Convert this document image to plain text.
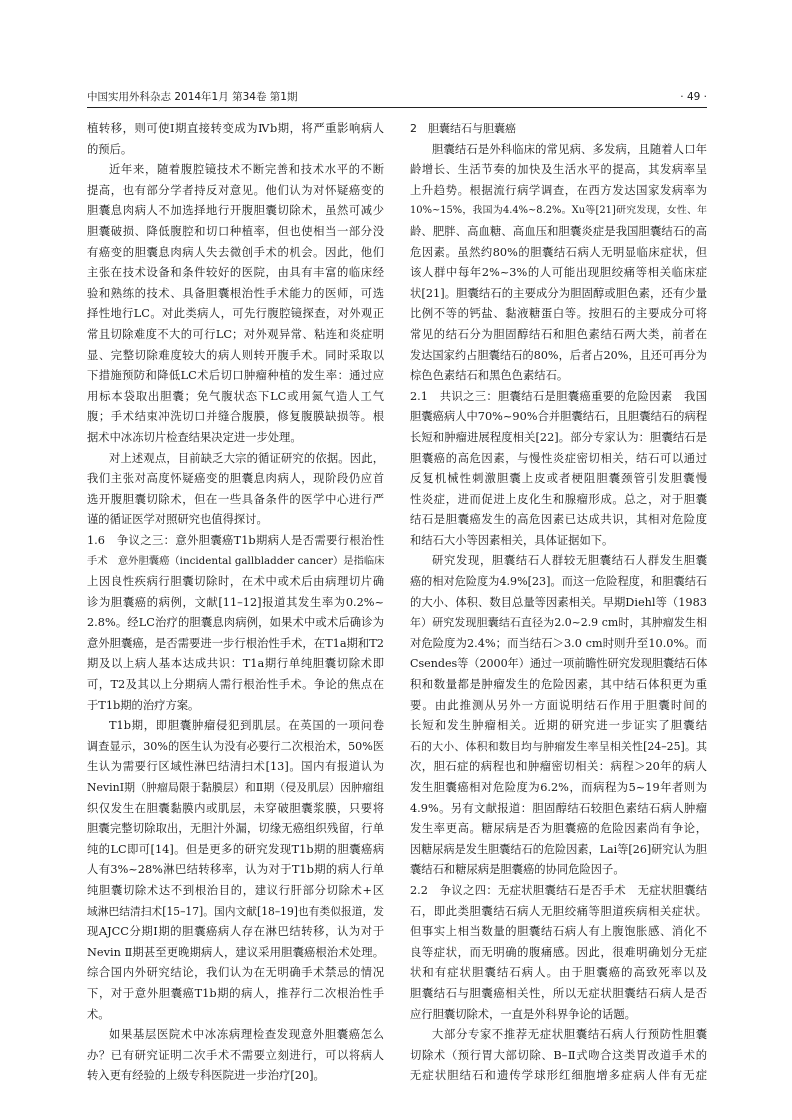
中国实用外科杂志 2014年1月 第34卷 第1期	· 49 ·
植转移，则可使Ⅰ期直接转变成为Ⅳb期，将严重影响病人
的预后。
近年来，随着腹腔镜技术不断完善和技术水平的不断
提高，也有部分学者持反对意见。他们认为对怀疑癌变的
胆囊息肉病人不加选择地行开腹胆囊切除术，虽然可减少
胆囊破损、降低腹腔和切口种植率，但也使相当一部分没
有癌变的胆囊息肉病人失去微创手术的机会。因此，他们
主张在技术设备和条件较好的医院，由具有丰富的临床经
验和熟练的技术、具备胆囊根治性手术能力的医师，可选
择性地行LC。对此类病人，可先行腹腔镜探查，对外观正
常且切除难度不大的可行LC；对外观异常、粘连和炎症明
显、完整切除难度较大的病人则转开腹手术。同时采取以
下措施预防和降低LC术后切口肿瘤种植的发生率：通过应
用标本袋取出胆囊；免气腹状态下LC或用氮气造人工气
腹；手术结束冲洗切口并缝合腹膜，修复腹膜缺损等。根
据术中冰冻切片检查结果决定进一步处理。
对上述观点，目前缺乏大宗的循证研究的依据。因此，
我们主张对高度怀疑癌变的胆囊息肉病人，现阶段仍应首
选开腹胆囊切除术，但在一些具备条件的医学中心进行严
谨的循证医学对照研究也值得探讨。
1.6　争议之三：意外胆囊癌T1b期病人是否需要行根治性
手术　意外胆囊癌（incidental gallbladder cancer）是指临床
上因良性疾病行胆囊切除时，在术中或术后由病理切片确
诊为胆囊癌的病例，文献[11–12]报道其发生率为0.2%~
2.8%。经LC治疗的胆囊息肉病例，如果术中或术后确诊为
意外胆囊癌，是否需要进一步行根治性手术，在T1a期和T2
期及以上病人基本达成共识：T1a期行单纯胆囊切除术即
可，T2及其以上分期病人需行根治性手术。争论的焦点在
于T1b期的治疗方案。
T1b期，即胆囊肿瘤侵犯到肌层。在英国的一项问卷
调查显示，30%的医生认为没有必要行二次根治术，50%医
生认为需要行区域性淋巴结清扫术[13]。国内有报道认为
NevinⅠ期（肿瘤局限于黏膜层）和Ⅱ期（侵及肌层）因肿瘤组
织仅发生在胆囊黏膜内或肌层，未穿破胆囊浆膜，只要将
胆囊完整切除取出，无胆汁外漏，切缘无癌组织残留，行单
纯的LC即可[14]。但是更多的研究发现T1b期的胆囊癌病
人有3%~28%淋巴结转移率，认为对于T1b期的病人行单
纯胆囊切除术达不到根治目的，建议行肝部分切除术+区
域淋巴结清扫术[15–17]。国内文献[18–19]也有类似报道，发
现AJCC分期Ⅰ期的胆囊癌病人存在淋巴结转移，认为对于
Nevin Ⅱ期甚至更晚期病人，建议采用胆囊癌根治术处理。
综合国内外研究结论，我们认为在无明确手术禁忌的情况
下，对于意外胆囊癌T1b期的病人，推荐行二次根治性手
术。
如果基层医院术中冰冻病理检查发现意外胆囊癌怎么
办？已有研究证明二次手术不需要立刻进行，可以将病人
转入更有经验的上级专科医院进一步治疗[20]。
2　胆囊结石与胆囊癌
胆囊结石是外科临床的常见病、多发病，且随着人口年
龄增长、生活节奏的加快及生活水平的提高，其发病率呈
上升趋势。根据流行病学调查，在西方发达国家发病率为
10%~15%，我国为4.4%~8.2%。Xu等[21]研究发现，女性、年
龄、肥胖、高血糖、高血压和胆囊炎症是我国胆囊结石的高
危因素。虽然约80%的胆囊结石病人无明显临床症状，但
该人群中每年2%~3%的人可能出现胆绞痛等相关临床症
状[21]。胆囊结石的主要成分为胆固醇或胆色素，还有少量
比例不等的钙盐、黏液糖蛋白等。按胆石的主要成分可将
常见的结石分为胆固醇结石和胆色素结石两大类，前者在
发达国家约占胆囊结石的80%，后者占20%，且还可再分为
棕色色素结石和黑色色素结石。
2.1　共识之三：胆囊结石是胆囊癌重要的危险因素　我国
胆囊癌病人中70%~90%合并胆囊结石，且胆囊结石的病程
长短和肿瘤进展程度相关[22]。部分专家认为：胆囊结石是
胆囊癌的高危因素，与慢性炎症密切相关，结石可以通过
反复机械性刺激胆囊上皮或者梗阻胆囊颈管引发胆囊慢
性炎症，进而促进上皮化生和腺瘤形成。总之，对于胆囊
结石是胆囊癌发生的高危因素已达成共识，其相对危险度
和结石大小等因素相关，具体证据如下。
研究发现，胆囊结石人群较无胆囊结石人群发生胆囊
癌的相对危险度为4.9%[23]。而这一危险程度，和胆囊结石
的大小、体积、数目总量等因素相关。早期Diehl等（1983
年）研究发现胆囊结石直径为2.0~2.9 cm时，其肿瘤发生相
对危险度为2.4%；而当结石＞3.0 cm时则升至10.0%。而
Csendes等（2000年）通过一项前瞻性研究发现胆囊结石体
积和数量都是肿瘤发生的危险因素，其中结石体积更为重
要。由此推测从另外一方面说明结石作用于胆囊时间的
长短和发生肿瘤相关。近期的研究进一步证实了胆囊结
石的大小、体积和数目均与肿瘤发生率呈相关性[24–25]。其
次，胆石症的病程也和肿瘤密切相关：病程＞20年的病人
发生胆囊癌相对危险度为6.2%，而病程为5~19年者则为
4.9%。另有文献报道：胆固醇结石较胆色素结石病人肿瘤
发生率更高。糖尿病是否为胆囊癌的危险因素尚有争论，
因糖尿病是发生胆囊结石的危险因素，Lai等[26]研究认为胆
囊结石和糖尿病是胆囊癌的协同危险因子。
2.2　争议之四：无症状胆囊结石是否手术　无症状胆囊结
石，即此类胆囊结石病人无胆绞痛等胆道疾病相关症状。
但事实上相当数量的胆囊结石病人有上腹饱胀感、消化不
良等症状，而无明确的腹痛感。因此，很难明确划分无症
状和有症状胆囊结石病人。由于胆囊癌的高致死率以及
胆囊结石与胆囊癌相关性，所以无症状胆囊结石病人是否
应行胆囊切除术，一直是外科界争论的话题。
大部分专家不推荐无症状胆囊结石病人行预防性胆囊
切除术（预行胃大部切除、B–Ⅱ式吻合这类胃改道手术的
无症状胆结石和遗传学球形红细胞增多症病人伴有无症
